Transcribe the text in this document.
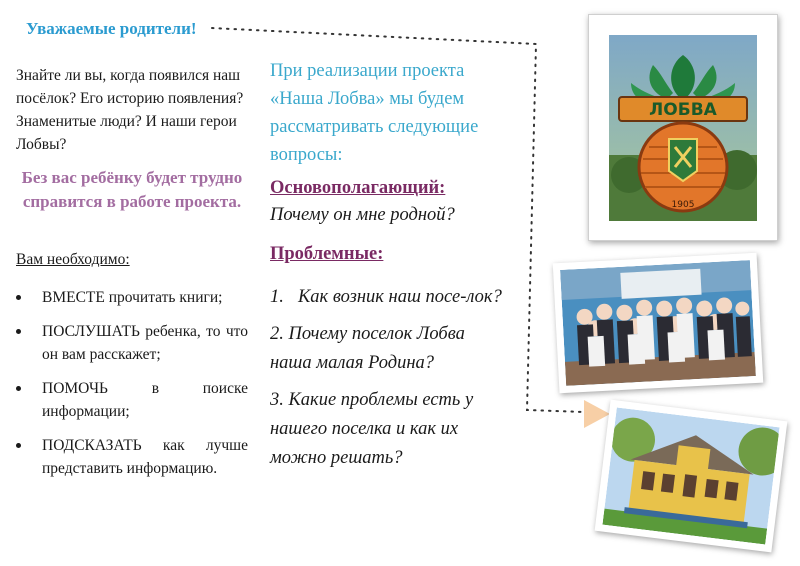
Уважаемые родители!
Знайте ли вы, когда появился наш посёлок? Его историю появления? Знаменитые люди? И наши герои Лобвы?
Без вас ребёнку будет трудно справится в работе проекта.
Вам необходимо:
ВМЕСТЕ прочитать книги;
ПОСЛУШАТЬ ребенка, то что он вам расскажет;
ПОМОЧЬ в поиске информации;
ПОДСКАЗАТЬ как лучше представить информацию.
При реализации проекта «Наша Лобва» мы будем рассматривать следующие вопросы:
Основополагающий:
Почему он мне родной?
Проблемные:
1. Как возник наш посе-лок?
2. Почему поселок Лобва наша малая Родина?
3. Какие проблемы есть у нашего поселка и как их можно решать?
ЛОБВА
1905
